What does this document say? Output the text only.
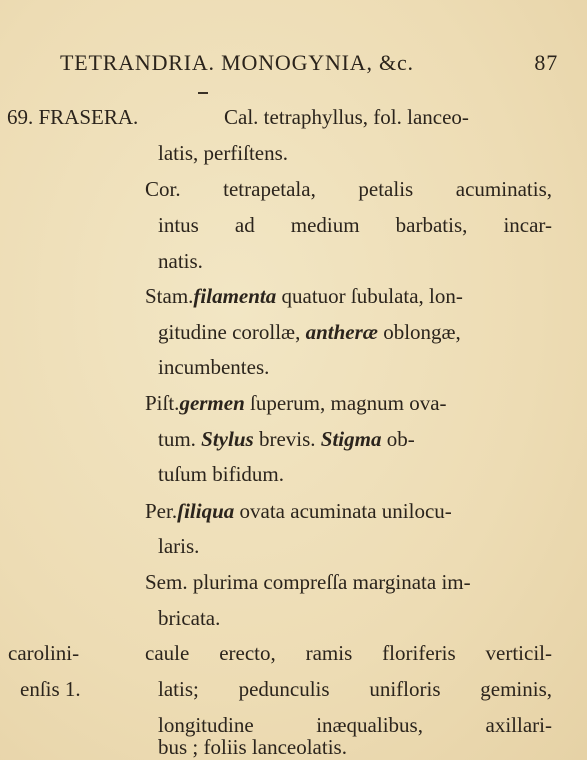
TETRANDRIA. MONOGYNIA, &c.	87
69. FRASERA.	Cal. tetraphyllus, fol. lanceo-
latis, perfiſtens.
Cor. tetrapetala, petalis acuminatis,
intus ad medium barbatis, incar-
natis.
Stam.filamenta quatuor ſubulata, lon-
gitudine corollæ, antheræ oblongæ,
incumbentes.
Piſt.germen ſuperum, magnum ova-
tum. Stylus brevis. Stigma ob-
tuſum bifidum.
Per.ſiliqua ovata acuminata unilocu-
laris.
Sem. plurima compreſſa marginata im-
bricata.
carolini-
enſis 1.
caule erecto, ramis floriferis verticil-
latis; pedunculis unifloris geminis,
longitudine inæqualibus, axillari-
bus ; foliis lanceolatis.
